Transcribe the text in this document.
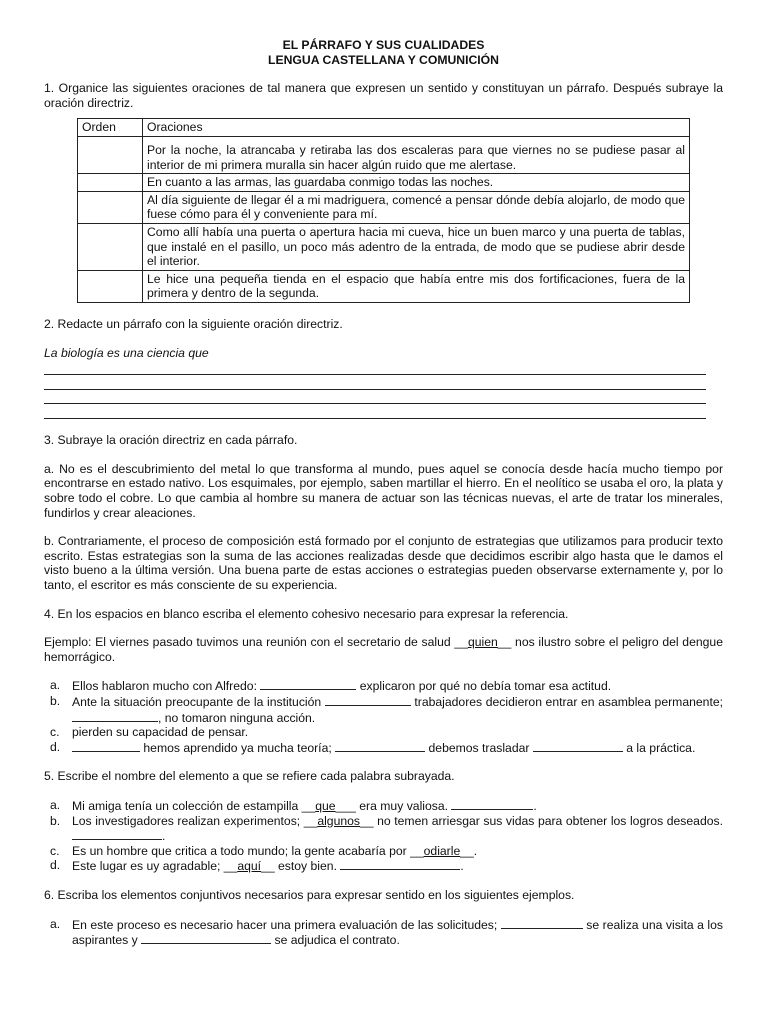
EL PÁRRAFO Y SUS CUALIDADES
LENGUA CASTELLANA Y COMUNICIÓN
1. Organice las siguientes oraciones de tal manera que expresen un sentido y constituyan un párrafo. Después subraye la oración directriz.
Orden	Oraciones
	Por la noche, la atrancaba y retiraba las dos escaleras para que viernes no se pudiese pasar al interior de mi primera muralla sin hacer algún ruido que me alertase.
	En cuanto a las armas, las guardaba conmigo todas las noches.
	Al día siguiente de llegar él a mi madriguera, comencé a pensar dónde debía alojarlo, de modo que fuese cómo para él y conveniente para mí.
	Como allí había una puerta o apertura hacia mi cueva, hice un buen marco y una puerta de tablas, que instalé en el pasillo, un poco más adentro de la entrada, de modo que se pudiese abrir desde el interior.
	Le hice una pequeña tienda en el espacio que había entre mis dos fortificaciones, fuera de la primera y dentro de la segunda.
2. Redacte un párrafo con la siguiente oración directriz.
La biología es una ciencia que
3. Subraye la oración directriz en cada párrafo.
a. No es el descubrimiento del metal lo que transforma al mundo, pues aquel se conocía desde hacía mucho tiempo por encontrarse en estado nativo. Los esquimales, por ejemplo, saben martillar el hierro. En el neolítico se usaba el oro, la plata y sobre todo el cobre. Lo que cambia al hombre su manera de actuar son las técnicas nuevas, el arte de tratar los minerales, fundirlos y crear aleaciones.
b. Contrariamente, el proceso de composición está formado por el conjunto de estrategias que utilizamos para producir texto escrito. Estas estrategias son la suma de las acciones realizadas desde que decidimos escribir algo hasta que le damos el visto bueno a la última versión. Una buena parte de estas acciones o estrategias pueden observarse externamente y, por lo tanto, el escritor es más consciente de su experiencia.
4. En los espacios en blanco escriba el elemento cohesivo necesario para expresar la referencia.
Ejemplo: El viernes pasado tuvimos una reunión con el secretario de salud __quien__ nos ilustro sobre el peligro del dengue hemorrágico.
a. Ellos hablaron mucho con Alfredo:	explicaron por qué no debía tomar esa actitud.
b. Ante la situación preocupante de la institución	trabajadores decidieron entrar en asamblea permanente; , no tomaron ninguna acción.
c. pierden su capacidad de pensar.
d.	hemos aprendido ya mucha teoría;	debemos trasladar	a la práctica.
5. Escribe el nombre del elemento a que se refiere cada palabra subrayada.
a. Mi amiga tenía un colección de estampilla __que___ era muy valiosa.	.
b. Los investigadores realizan experimentos; __algunos__ no temen arriesgar sus vidas para obtener los logros deseados. .
c. Es un hombre que critica a todo mundo; la gente acabaría por __odiarle__.
d. Este lugar es uy agradable; __aquí__ estoy bien.	.
6. Escriba los elementos conjuntivos necesarios para expresar sentido en los siguientes ejemplos.
a. En este proceso es necesario hacer una primera evaluación de las solicitudes;	se realiza una visita a los aspirantes y	se adjudica el contrato.
